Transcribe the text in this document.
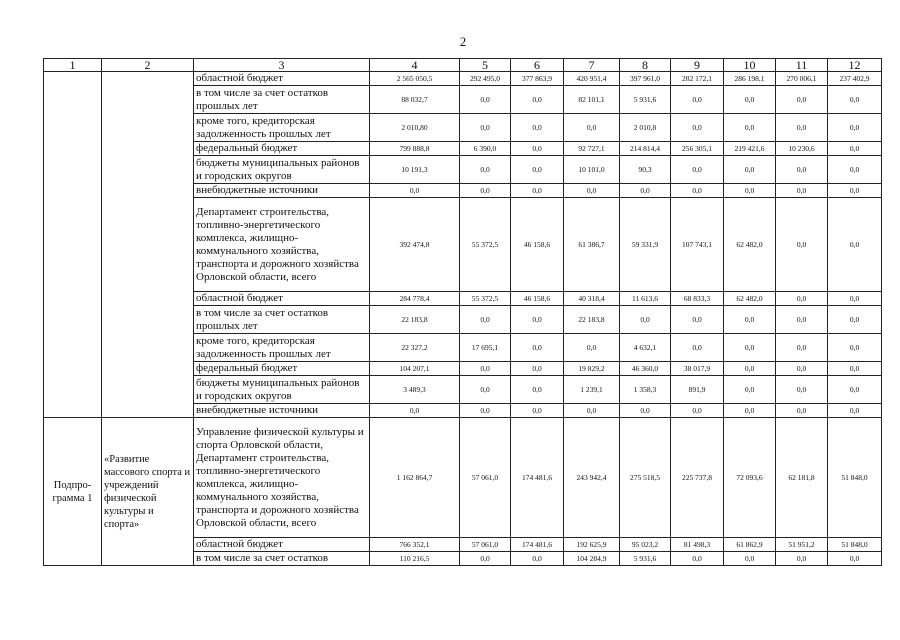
2
1	2	3	4	5	6	7	8	9	10	11	12
		областной бюджет	2 565 050,5	292 495,0	377 863,9	420 951,4	397 961,0	282 172,1	286 198,1	270 006,1	237 402,9
		в том числе за счет остатков прошлых лет	88 032,7	0,0	0,0	82 101,1	5 931,6	0,0	0,0	0,0	0,0
		кроме того, кредиторская задолженность прошлых лет	2 010,80	0,0	0,0	0,0	2 010,8	0,0	0,0	0,0	0,0
		федеральный бюджет	799 888,8	6 390,0	0,0	92 727,1	214 814,4	256 305,1	219 421,6	10 230,6	0,0
		бюджеты муниципальных районов и городских округов	10 191,3	0,0	0,0	10 101,0	90,3	0,0	0,0	0,0	0,0
		внебюджетные источники	0,0	0,0	0,0	0,0	0,0	0,0	0,0	0,0	0,0
		Департамент строительства, топливно-энергетического комплекса, жилищно-коммунального хозяйства, транспорта и дорожного хозяйства Орловской области, всего	392 474,8	55 372,5	46 158,6	61 386,7	59 331,9	107 743,1	62 482,0	0,0	0,0
		областной бюджет	284 778,4	55 372,5	46 158,6	40 318,4	11 613,6	68 833,3	62 482,0	0,0	0,0
		в том числе за счет остатков прошлых лет	22 183,8	0,0	0,0	22 183,8	0,0	0,0	0,0	0,0	0,0
		кроме того, кредиторская задолженность прошлых лет	22 327,2	17 695,1	0,0	0,0	4 632,1	0,0	0,0	0,0	0,0
		федеральный бюджет	104 207,1	0,0	0,0	19 829,2	46 360,0	38 017,9	0,0	0,0	0,0
		бюджеты муниципальных районов и городских округов	3 489,3	0,0	0,0	1 239,1	1 358,3	891,9	0,0	0,0	0,0
		внебюджетные источники	0,0	0,0	0,0	0,0	0,0	0,0	0,0	0,0	0,0
Подпро-грамма 1	«Развитие массового спорта и учреждений физической культуры и спорта»	Управление физической культуры и спорта Орловской области, Департамент строительства, топливно-энергетического комплекса, жилищно-коммунального хозяйства, транспорта и дорожного хозяйства Орловской области, всего	1 162 864,7	57 061,0	174 481,6	243 942,4	275 518,5	225 737,8	72 093,6	62 181,8	51 848,0
		областной бюджет	766 352,1	57 061,0	174 481,6	192 625,9	95 023,2	81 498,3	61 862,9	51 951,2	51 848,0
		в том числе за счет остатков	110 216,5	0,0	0,0	104 284,9	5 931,6	0,0	0,0	0,0	0,0
